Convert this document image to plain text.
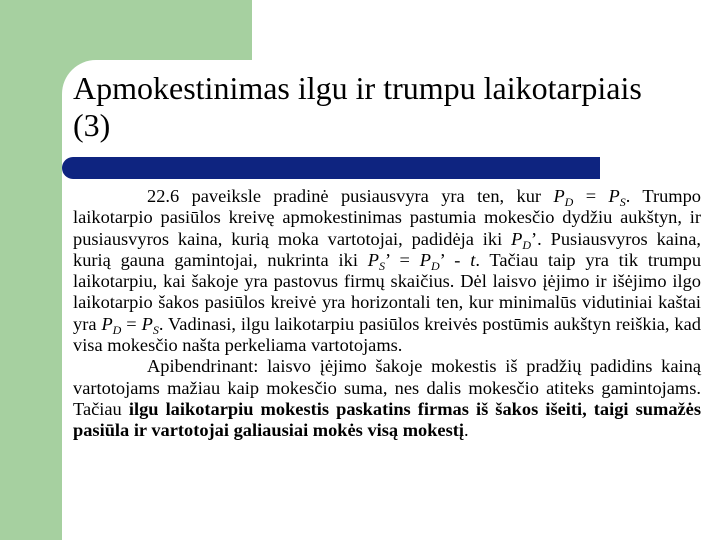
Apmokestinimas ilgu ir trumpu laikotarpiais (3)

22.6 paveiksle pradinė pusiausvyra yra ten, kur $P_D = P_S$. Trumpo laikotarpio pasiūlos kreivę apmokestinimas pastumia mokesčio dydžiu aukštyn, ir pusiausvyros kaina, kurią moka vartotojai, padidėja iki $P_D$’. Pusiausvyros kaina, kurią gauna gamintojai, nukrinta iki $P_S$’ = $P_D$’ - t. Tačiau taip yra tik trumpu laikotarpiu, kai šakoje yra pastovus firmų skaičius. Dėl laisvo įėjimo ir išėjimo ilgo laikotarpio šakos pasiūlos kreivė yra horizontali ten, kur minimalūs vidutiniai kaštai yra $P_D = P_S$. Vadinasi, ilgu laikotarpiu pasiūlos kreivės postūmis aukštyn reiškia, kad visa mokesčio našta perkeliama vartotojams.

Apibendrinant: laisvo įėjimo šakoje mokestis iš pradžių padidins kainą vartotojams mažiau kaip mokesčio suma, nes dalis mokesčio atiteks gamintojams. Tačiau ilgu laikotarpiu mokestis paskatins firmas iš šakos išeiti, taigi sumažės pasiūla ir vartotojai galiausiai mokės visą mokestį.
